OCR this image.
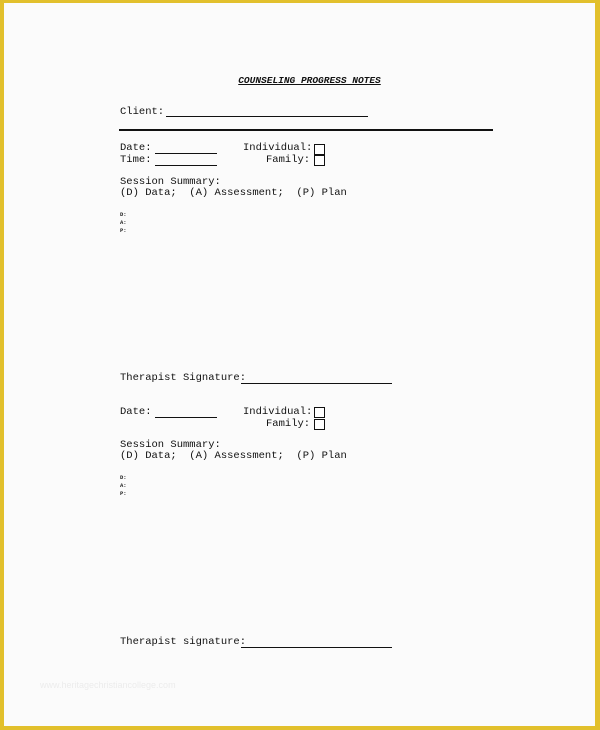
COUNSELING PROGRESS NOTES
Client:
Date:
Time:
Individual:
Family:
Session Summary:
(D) Data;  (A) Assessment;  (P) Plan
D:
A:
P:
Therapist Signature:
Date:	Individual:
Family:
Session Summary:
(D) Data;  (A) Assessment;  (P) Plan
D:
A:
P:
Therapist signature:
www.heritagechristiancollege.com
